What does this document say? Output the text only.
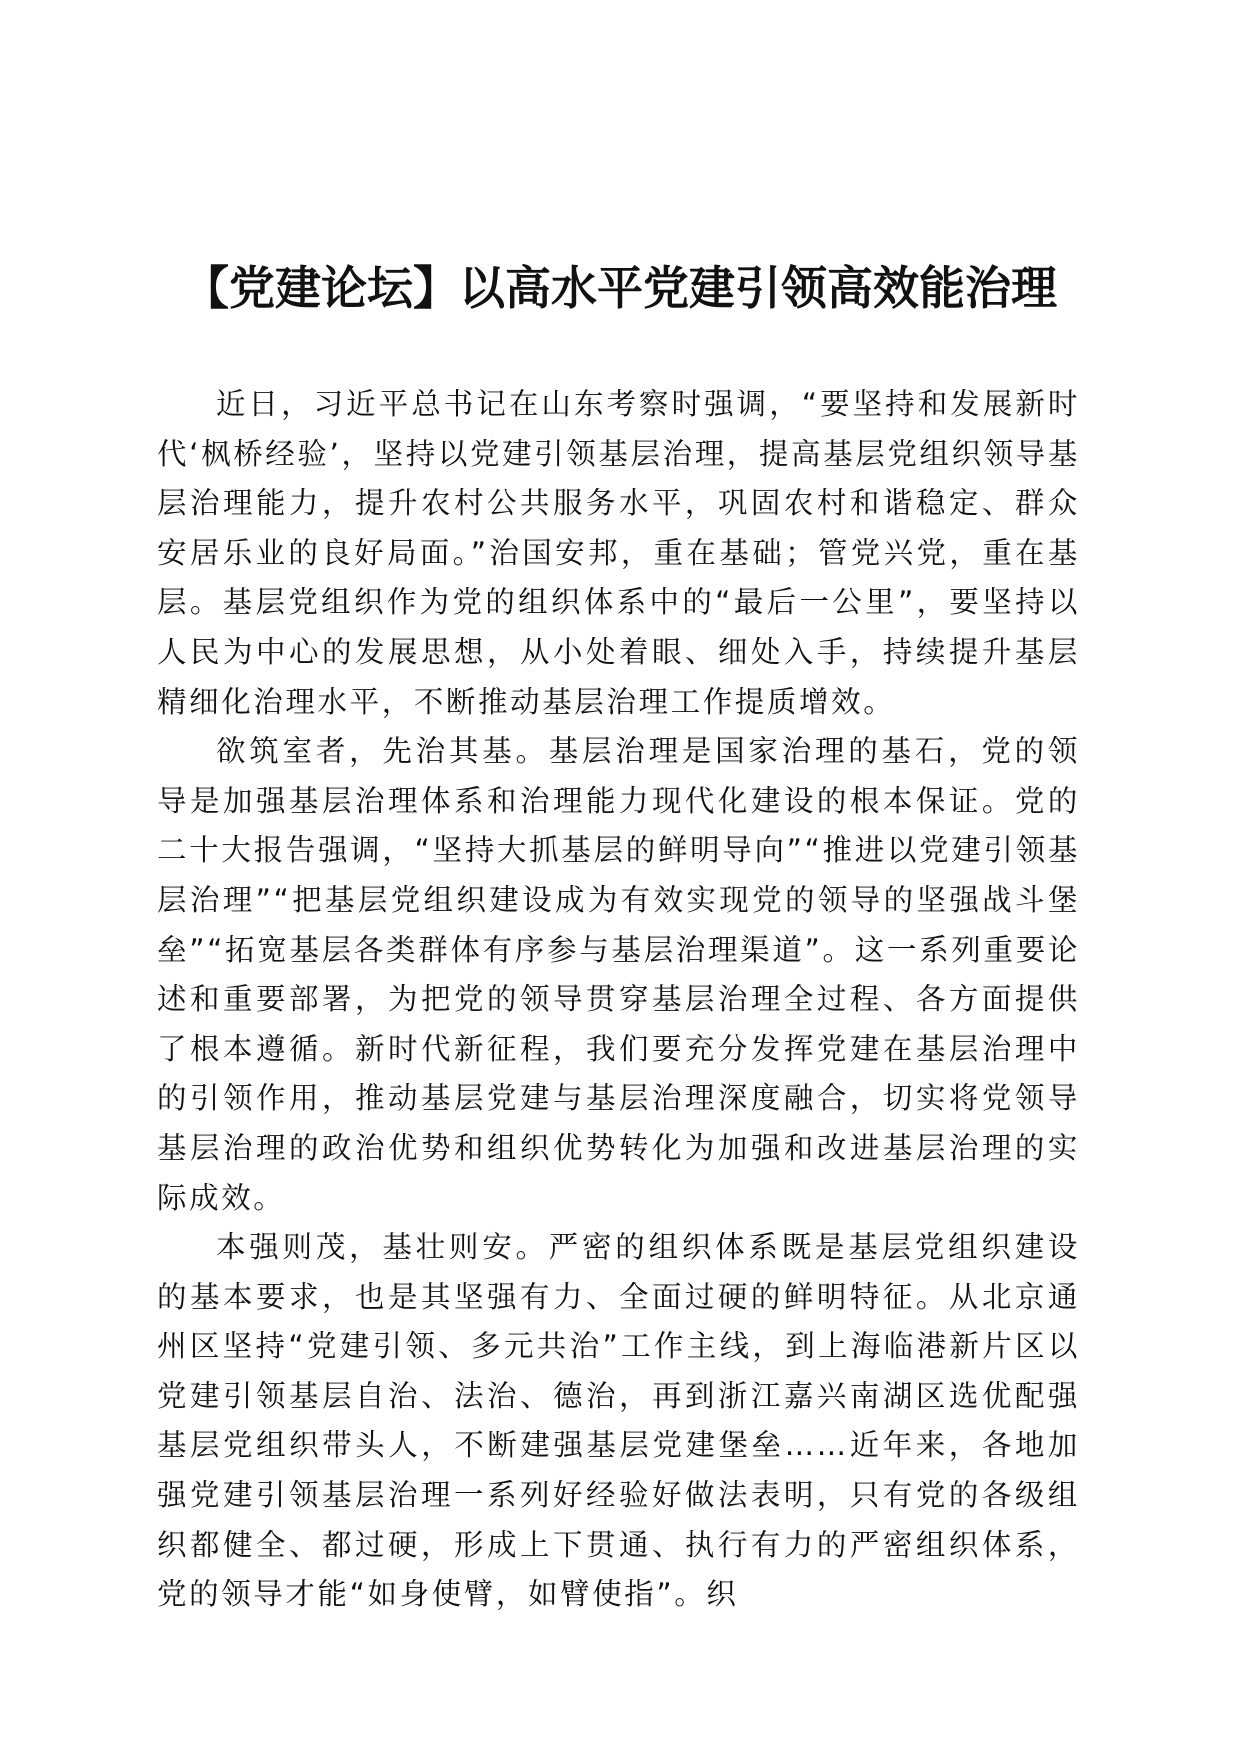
【党建论坛】以高水平党建引领高效能治理

近日，习近平总书记在山东考察时强调，“要坚持和发展新时代‘枫桥经验’，坚持以党建引领基层治理，提高基层党组织领导基层治理能力，提升农村公共服务水平，巩固农村和谐稳定、群众安居乐业的良好局面。”治国安邦，重在基础；管党兴党，重在基层。基层党组织作为党的组织体系中的“最后一公里”，要坚持以人民为中心的发展思想，从小处着眼、细处入手，持续提升基层精细化治理水平，不断推动基层治理工作提质增效。

欲筑室者，先治其基。基层治理是国家治理的基石，党的领导是加强基层治理体系和治理能力现代化建设的根本保证。党的二十大报告强调，“坚持大抓基层的鲜明导向”“推进以党建引领基层治理”“把基层党组织建设成为有效实现党的领导的坚强战斗堡垒”“拓宽基层各类群体有序参与基层治理渠道”。这一系列重要论述和重要部署，为把党的领导贯穿基层治理全过程、各方面提供了根本遵循。新时代新征程，我们要充分发挥党建在基层治理中的引领作用，推动基层党建与基层治理深度融合，切实将党领导基层治理的政治优势和组织优势转化为加强和改进基层治理的实际成效。

本强则茂，基壮则安。严密的组织体系既是基层党组织建设的基本要求，也是其坚强有力、全面过硬的鲜明特征。从北京通州区坚持“党建引领、多元共治”工作主线，到上海临港新片区以党建引领基层自治、法治、德治，再到浙江嘉兴南湖区选优配强基层党组织带头人，不断建强基层党建堡垒……近年来，各地加强党建引领基层治理一系列好经验好做法表明，只有党的各级组织都健全、都过硬，形成上下贯通、执行有力的严密组织体系，党的领导才能“如身使臂，如臂使指”。织
